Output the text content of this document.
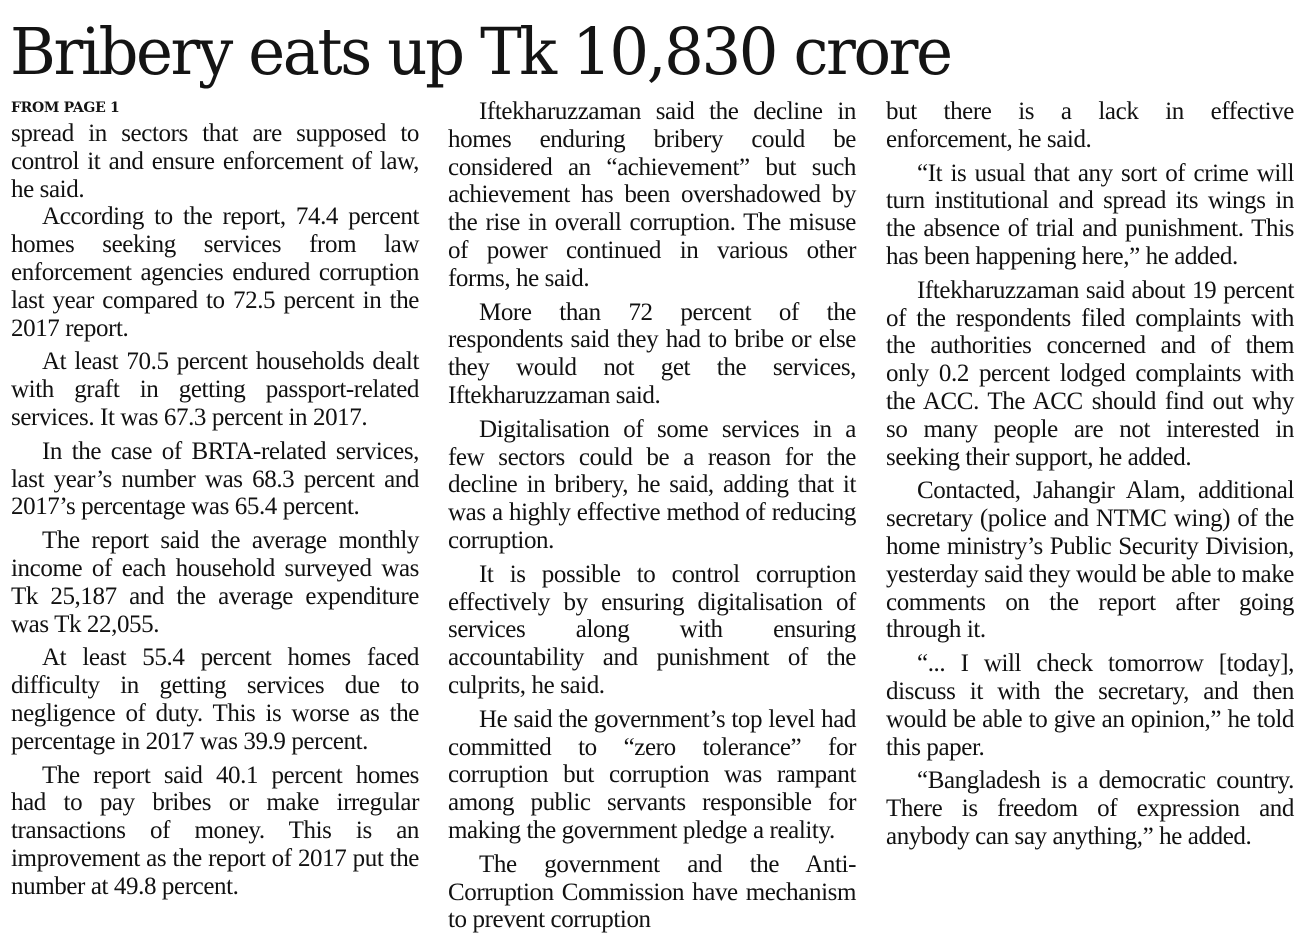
Bribery eats up Tk 10,830 crore
FROM PAGE 1

spread in sectors that are supposed to control it and ensure enforcement of law, he said.

According to the report, 74.4 percent homes seeking services from law enforcement agencies endured corruption last year compared to 72.5 percent in the 2017 report.

At least 70.5 percent households dealt with graft in getting passport-related services. It was 67.3 percent in 2017.

In the case of BRTA-related services, last year’s number was 68.3 percent and 2017’s percentage was 65.4 percent.

The report said the average monthly income of each household surveyed was Tk 25,187 and the average expenditure was Tk 22,055.

At least 55.4 percent homes faced difficulty in getting services due to negligence of duty. This is worse as the percentage in 2017 was 39.9 percent.

The report said 40.1 percent homes had to pay bribes or make irregular transactions of money. This is an improvement as the report of 2017 put the number at 49.8 percent.

Iftekharuzzaman said the decline in homes enduring bribery could be considered an “achievement” but such achievement has been overshadowed by the rise in overall corruption. The misuse of power continued in various other forms, he said.

More than 72 percent of the respondents said they had to bribe or else they would not get the services, Iftekharuzzaman said.

Digitalisation of some services in a few sectors could be a reason for the decline in bribery, he said, adding that it was a highly effective method of reducing corruption.

It is possible to control corruption effectively by ensuring digitalisation of services along with ensuring accountability and punishment of the culprits, he said.

He said the government’s top level had committed to “zero tolerance” for corruption but corruption was rampant among public servants responsible for making the government pledge a reality.

The government and the Anti-Corruption Commission have mechanism to prevent corruption

but there is a lack in effective enforcement, he said.

“It is usual that any sort of crime will turn institutional and spread its wings in the absence of trial and punishment. This has been happening here,” he added.

Iftekharuzzaman said about 19 percent of the respondents filed complaints with the authorities concerned and of them only 0.2 percent lodged complaints with the ACC. The ACC should find out why so many people are not interested in seeking their support, he added.

Contacted, Jahangir Alam, additional secretary (police and NTMC wing) of the home ministry’s Public Security Division, yesterday said they would be able to make comments on the report after going through it.

“... I will check tomorrow [today], discuss it with the secretary, and then would be able to give an opinion,” he told this paper.

“Bangladesh is a democratic country. There is freedom of expression and anybody can say anything,” he added.
